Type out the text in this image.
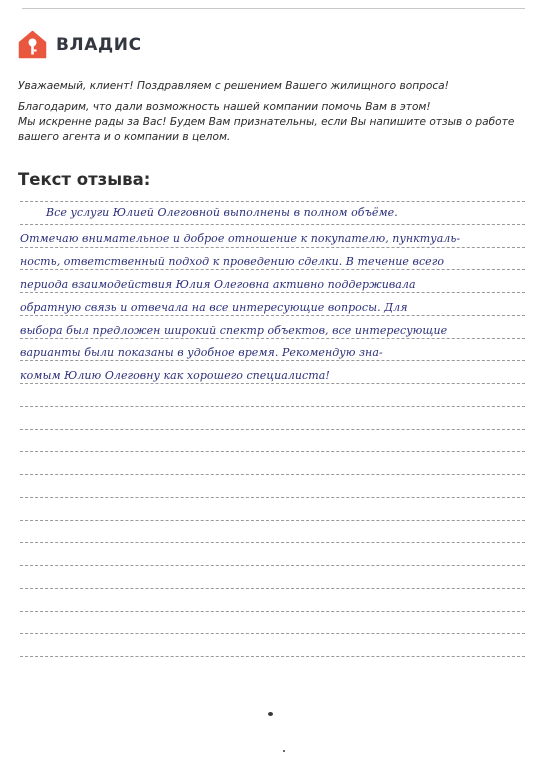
ВЛАДИС

Уважаемый, клиент! Поздравляем с решением Вашего жилищного вопроса!

Благодарим, что дали возможность нашей компании помочь Вам в этом!

Мы искренне рады за Вас! Будем Вам признательны, если Вы напишите отзыв о работе

вашего агента и о компании в целом.

Текст отзыва:
Все услуги Юлией Олеговной выполнены в полном объёме.
Отмечаю внимательное и доброе отношение к покупателю, пунктуаль-
ность, ответственный подход к проведению сделки. В течение всего
периода взаимодействия Юлия Олеговна активно поддерживала
обратную связь и отвечала на все интересующие вопросы. Для
выбора был предложен широкий спектр объектов, все интересующие
варианты были показаны в удобное время. Рекомендую зна-
комым Юлию Олеговну как хорошего специалиста!
